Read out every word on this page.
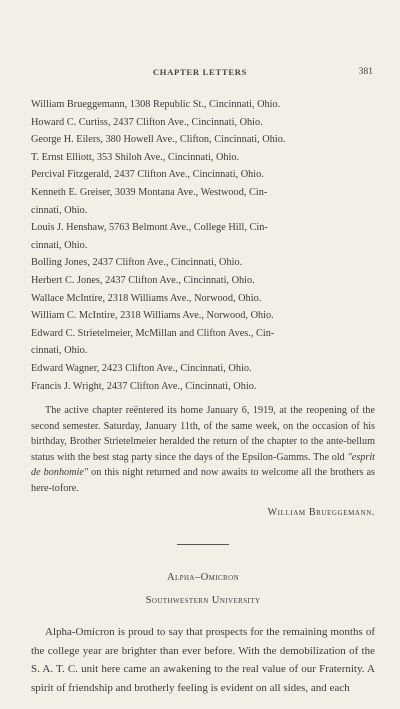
CHAPTER LETTERS	381
William Brueggemann, 1308 Republic St., Cincinnati, Ohio.
Howard C. Curtiss, 2437 Clifton Ave., Cincinnati, Ohio.
George H. Eilers, 380 Howell Ave., Clifton, Cincinnati, Ohio.
T. Ernst Elliott, 353 Shiloh Ave., Cincinnati, Ohio.
Percival Fitzgerald, 2437 Clifton Ave., Cincinnati, Ohio.
Kenneth E. Greiser, 3039 Montana Ave., Westwood, Cin-
cinnati, Ohio.
Louis J. Henshaw, 5763 Belmont Ave., College Hill, Cin-
cinnati, Ohio.
Bolling Jones, 2437 Clifton Ave., Cincinnati, Ohio.
Herbert C. Jones, 2437 Clifton Ave., Cincinnati, Ohio.
Wallace McIntire, 2318 Williams Ave., Norwood, Ohio.
William C. McIntire, 2318 Williams Ave., Norwood, Ohio.
Edward C. Strietelmeier, McMillan and Clifton Aves., Cin-
cinnati, Ohio.
Edward Wagner, 2423 Clifton Ave., Cincinnati, Ohio.
Francis J. Wright, 2437 Clifton Ave., Cincinnati, Ohio.

The active chapter reëntered its home January 6, 1919, at the reopening of the second semester. Saturday, January 11th, of the same week, on the occasion of his birthday, Brother Strietelmeier heralded the return of the chapter to the ante-bellum status with the best stag party since the days of the Epsilon-Gamms. The old "esprit de bonhomie" on this night returned and now awaits to welcome all the brothers as here-tofore.

William Brueggemann.
Alpha–Omicron
Southwestern University

Alpha-Omicron is proud to say that prospects for the remaining months of the college year are brighter than ever before. With the demobilization of the S. A. T. C. unit here came an awakening to the real value of our Fraternity. A spirit of friendship and brotherly feeling is evident on all sides, and each
